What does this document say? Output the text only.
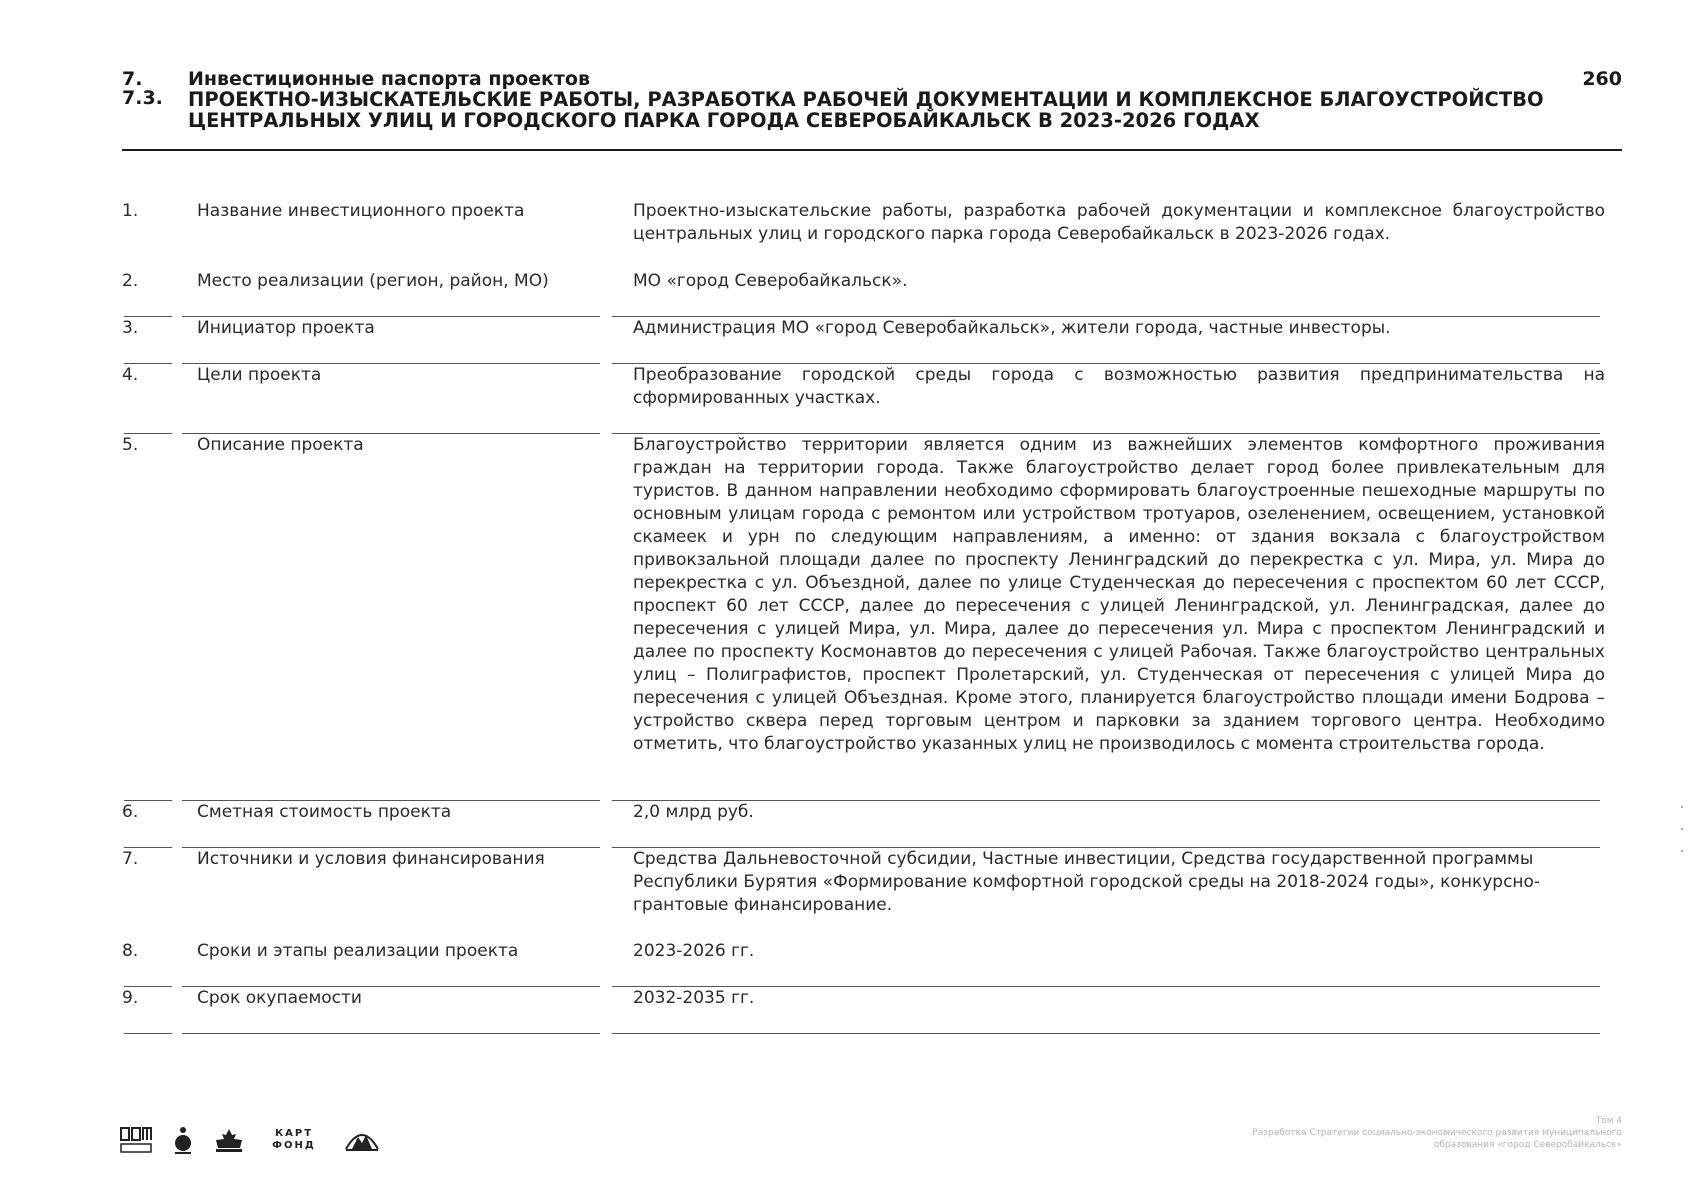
7.	Инвестиционные паспорта проектов
7.3.	ПРОЕКТНО-ИЗЫСКАТЕЛЬСКИЕ РАБОТЫ, РАЗРАБОТКА РАБОЧЕЙ ДОКУМЕНТАЦИИ И КОМПЛЕКСНОЕ БЛАГОУСТРОЙСТВО ЦЕНТРАЛЬНЫХ УЛИЦ И ГОРОДСКОГО ПАРКА ГОРОДА СЕВЕРОБАЙКАЛЬСК В 2023-2026 ГОДАХ
260
1.	Название инвестиционного проекта	Проектно-изыскательские работы, разработка рабочей документации и комплексное благоустройство центральных улиц и городского парка города Северобайкальск в 2023-2026 годах.
2.	Место реализации (регион, район, МО)	МО «город Северобайкальск».
3.	Инициатор проекта	Администрация МО «город Северобайкальск», жители города, частные инвесторы.
4.	Цели проекта	Преобразование городской среды города с возможностью развития предпринимательства на сформированных участках.
5.	Описание проекта	Благоустройство территории является одним из важнейших элементов комфортного проживания граждан на территории города. Также благоустройство делает город более привлекательным для туристов. В данном направлении необходимо сформировать благоустроенные пешеходные маршруты по основным улицам города с ремонтом или устройством тротуаров, озеленением, освещением, установкой скамеек и урн по следующим направлениям, а именно: от здания вокзала с благоустройством привокзальной площади далее по проспекту Ленинградский до перекрестка с ул. Мира, ул. Мира до перекрестка с ул. Объездной, далее по улице Студенческая до пересечения с проспектом 60 лет СССР, проспект 60 лет СССР, далее до пересечения с улицей Ленинградской, ул. Ленинградская, далее до пересечения с улицей Мира, ул. Мира, далее до пересечения ул. Мира с проспектом Ленинградский и далее по проспекту Космонавтов до пересечения с улицей Рабочая. Также благоустройство центральных улиц – Полиграфистов, проспект Пролетарский, ул. Студенческая от пересечения с улицей Мира до пересечения с улицей Объездная. Кроме этого, планируется благоустройство площади имени Бодрова – устройство сквера перед торговым центром и парковки за зданием торгового центра. Необходимо отметить, что благоустройство указанных улиц не производилось с момента строительства города.
6.	Сметная стоимость проекта	2,0 млрд руб.
7.	Источники и условия финансирования	Средства Дальневосточной субсидии, Частные инвестиции, Средства государственной программы Республики Бурятия «Формирование комфортной городской среды на 2018-2024 годы», конкурсно-грантовые финансирование.
8.	Сроки и этапы реализации проекта	2023-2026 гг.
9.	Срок окупаемости	2032-2035 гг.
КАРТ ФОНД
Том 4
Разработка Стратегии социально-экономического развития муниципального
образования «город Северобайкальск»
